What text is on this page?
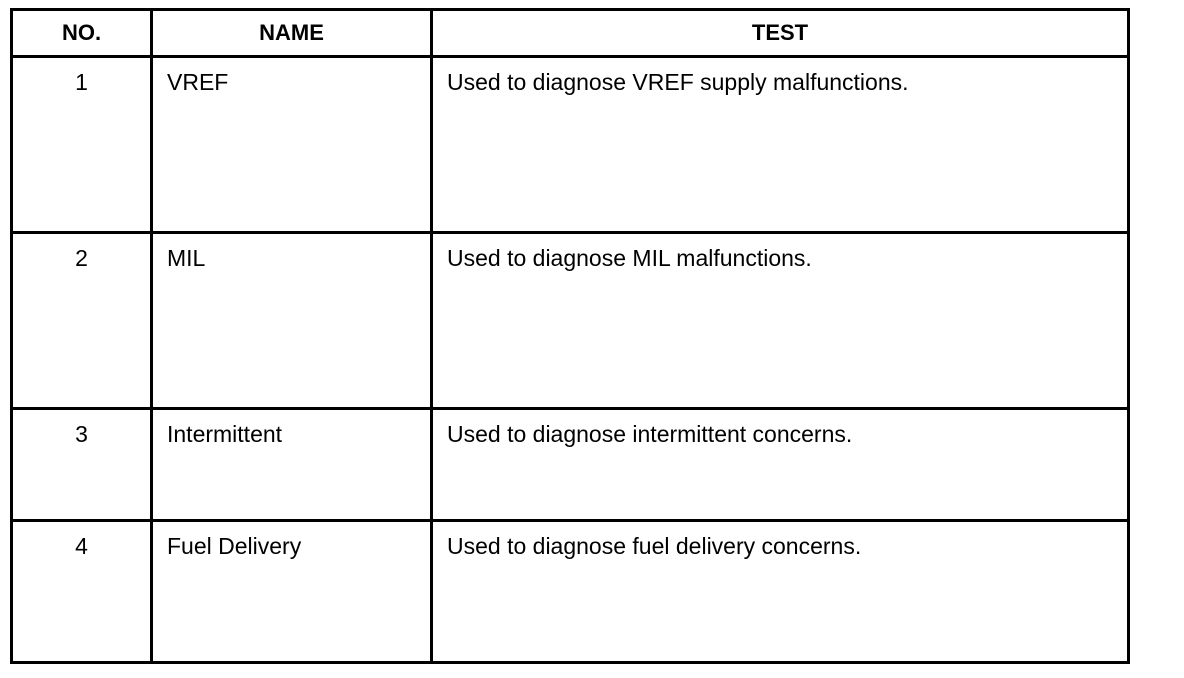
NO.	NAME	TEST
1	VREF	Used to diagnose VREF supply malfunctions.
2	MIL	Used to diagnose MIL malfunctions.
3	Intermittent	Used to diagnose intermittent concerns.
4	Fuel Delivery	Used to diagnose fuel delivery concerns.
